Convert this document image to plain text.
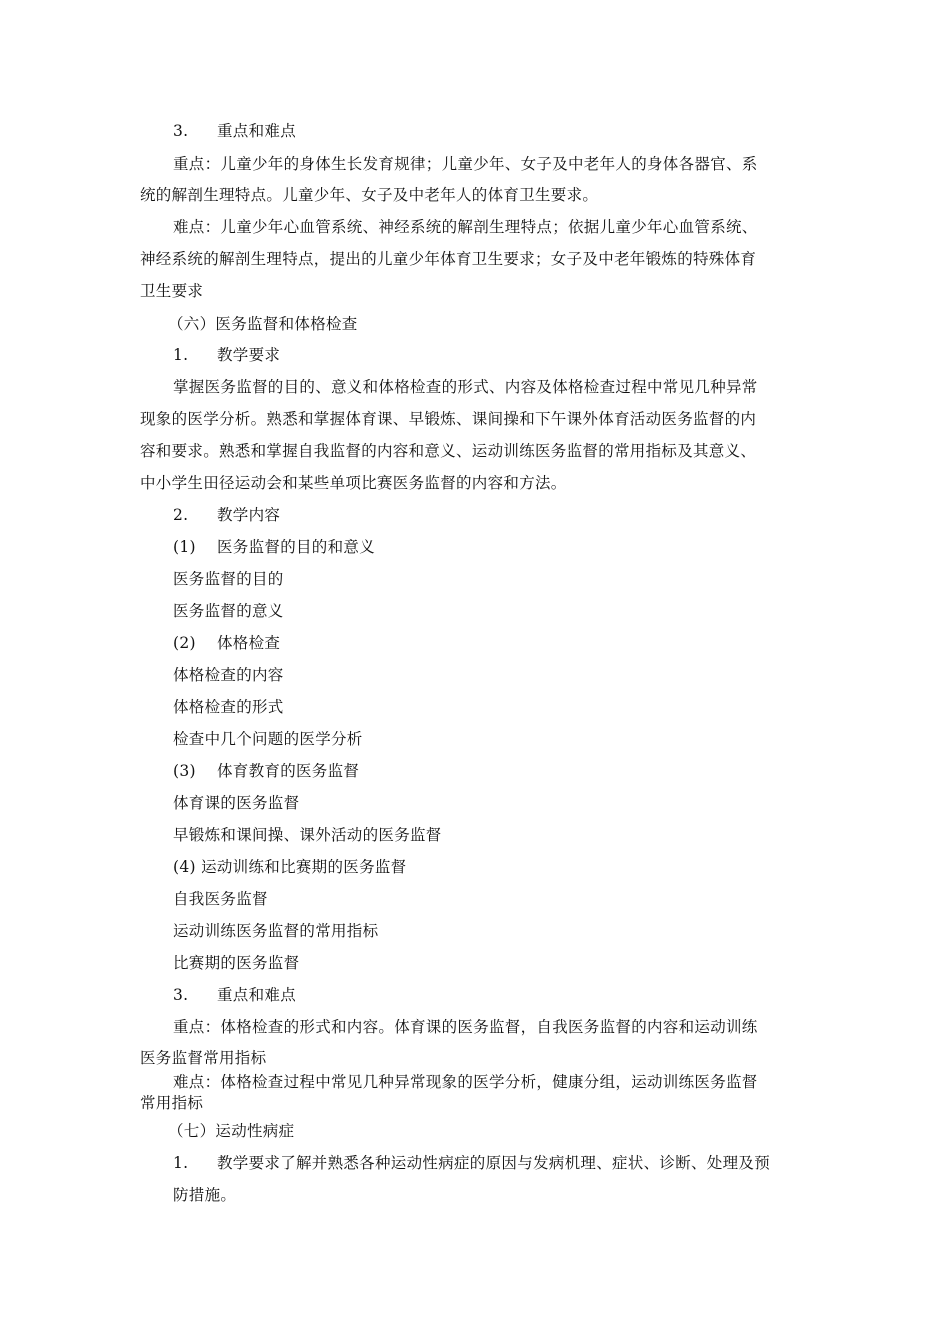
3. 重点和难点
重点：儿童少年的身体生长发育规律；儿童少年、女子及中老年人的身体各器官、系
统的解剖生理特点。儿童少年、女子及中老年人的体育卫生要求。
难点：儿童少年心血管系统、神经系统的解剖生理特点；依据儿童少年心血管系统、
神经系统的解剖生理特点，提出的儿童少年体育卫生要求；女子及中老年锻炼的特殊体育
卫生要求
（六）医务监督和体格检查
1. 教学要求
掌握医务监督的目的、意义和体格检查的形式、内容及体格检查过程中常见几种异常
现象的医学分析。熟悉和掌握体育课、早锻炼、课间操和下午课外体育活动医务监督的内
容和要求。熟悉和掌握自我监督的内容和意义、运动训练医务监督的常用指标及其意义、
中小学生田径运动会和某些单项比赛医务监督的内容和方法。
2. 教学内容
(1) 医务监督的目的和意义
医务监督的目的
医务监督的意义
(2) 体格检查
体格检查的内容
体格检查的形式
检查中几个问题的医学分析
(3) 体育教育的医务监督
体育课的医务监督
早锻炼和课间操、课外活动的医务监督
(4) 运动训练和比赛期的医务监督
自我医务监督
运动训练医务监督的常用指标
比赛期的医务监督
3. 重点和难点
重点：体格检查的形式和内容。体育课的医务监督，自我医务监督的内容和运动训练
医务监督常用指标
难点：体格检查过程中常见几种异常现象的医学分析，健康分组，运动训练医务监督
常用指标
（七）运动性病症
1. 教学要求了解并熟悉各种运动性病症的原因与发病机理、症状、诊断、处理及预
防措施。
